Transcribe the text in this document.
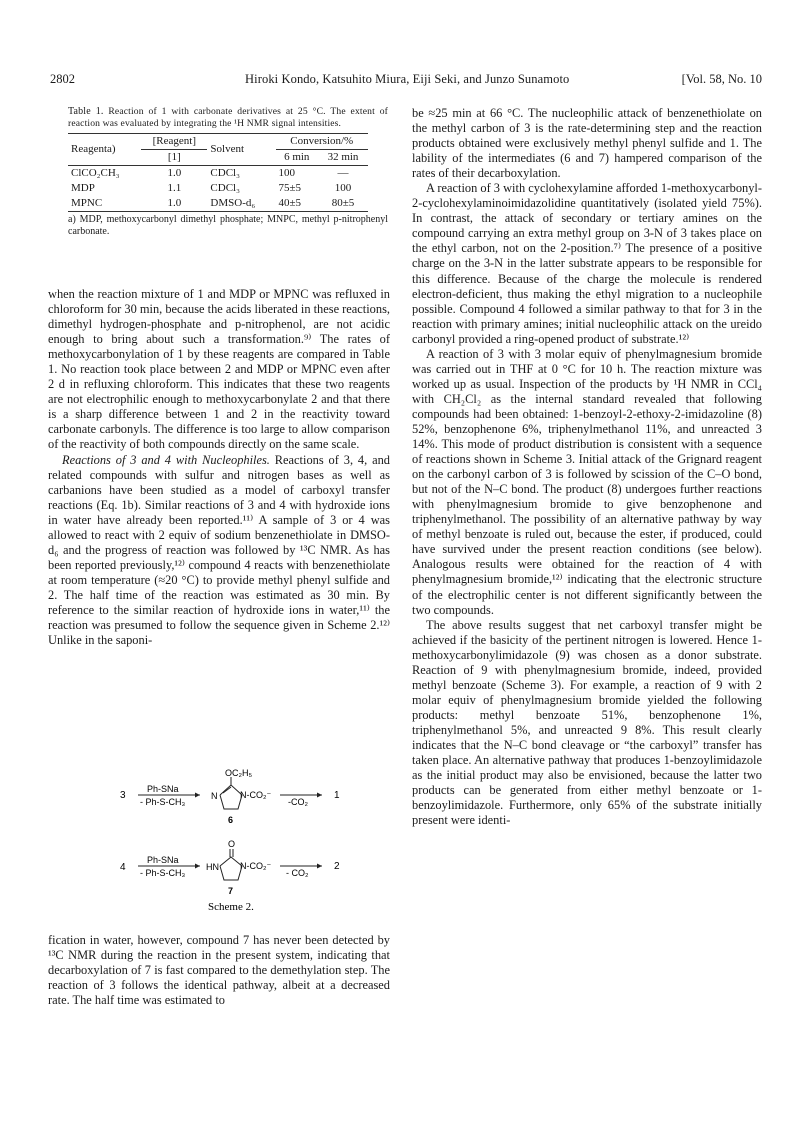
2802	Hiroki Kondo, Katsuhito Miura, Eiji Seki, and Junzo Sunamoto	[Vol. 58, No. 10
Table 1. Reaction of 1 with carbonate derivatives at 25 °C. The extent of reaction was evaluated by integrating the ¹H NMR signal intensities.
Reagenta)	[Reagent]	Solvent	Conversion/%	
	[1]		6 min	32 min
ClCO₂CH₃	1.0	CDCl₃	100	—
MDP	1.1	CDCl₃	75±5	100
MPNC	1.0	DMSO-d₆	40±5	80±5
a) MDP, methoxycarbonyl dimethyl phosphate; MNPC, methyl p-nitrophenyl carbonate.

when the reaction mixture of 1 and MDP or MPNC was refluxed in chloroform for 30 min, because the acids liberated in these reactions, dimethyl hydrogen-phosphate and p-nitrophenol, are not acidic enough to bring about such a transformation.⁹⁾ The rates of methoxycarbonylation of 1 by these reagents are compared in Table 1. No reaction took place between 2 and MDP or MPNC even after 2 d in refluxing chloroform. This indicates that these two reagents are not electrophilic enough to methoxycarbonylate 2 and that there is a sharp difference between 1 and 2 in the reactivity toward carbonate carbonyls. The difference is too large to allow comparison of the reactivity of both compounds directly on the same scale.

Reactions of 3 and 4 with Nucleophiles. Reactions of 3, 4, and related compounds with sulfur and nitrogen bases as well as carbanions have been studied as a model of carboxyl transfer reactions (Eq. 1b). Similar reactions of 3 and 4 with hydroxide ions in water have already been reported.¹¹⁾ A sample of 3 or 4 was allowed to react with 2 equiv of sodium benzenethiolate in DMSO-d₆ and the progress of reaction was followed by ¹³C NMR. As has been reported previously,¹²⁾ compound 4 reacts with benzenethiolate at room temperature (≈20 °C) to provide methyl phenyl sulfide and 2. The half time of the reaction was estimated as 30 min. By reference to the similar reaction of hydroxide ions in water,¹¹⁾ the reaction was presumed to follow the sequence given in Scheme 2.¹²⁾ Unlike in the saponi-

3
Ph-SNa
- Ph-S-CH₃
OC₂H₅
N	N-CO₂⁻
6
-CO₂
1
4
Ph-SNa
- Ph-S-CH₃
O
HN N-CO₂⁻
7
- CO₂
2
Scheme 2.

fication in water, however, compound 7 has never been detected by ¹³C NMR during the reaction in the present system, indicating that decarboxylation of 7 is fast compared to the demethylation step. The reaction of 3 follows the identical pathway, albeit at a decreased rate. The half time was estimated to

be ≈25 min at 66 °C. The nucleophilic attack of benzenethiolate on the methyl carbon of 3 is the rate-determining step and the reaction products obtained were exclusively methyl phenyl sulfide and 1. The lability of the intermediates (6 and 7) hampered comparison of the rates of their decarboxylation.

A reaction of 3 with cyclohexylamine afforded 1-methoxycarbonyl-2-cyclohexylaminoimidazolidine quantitatively (isolated yield 75%). In contrast, the attack of secondary or tertiary amines on the compound carrying an extra methyl group on 3-N of 3 takes place on the ethyl carbon, not on the 2-position.⁷⁾ The presence of a positive charge on the 3-N in the latter substrate appears to be responsible for this difference. Because of the charge the molecule is rendered electron-deficient, thus making the ethyl migration to a nucleophile possible. Compound 4 followed a similar pathway to that for 3 in the reaction with primary amines; initial nucleophilic attack on the ureido carbonyl provided a ring-opened product of substrate.¹²⁾

A reaction of 3 with 3 molar equiv of phenylmagnesium bromide was carried out in THF at 0 °C for 10 h. The reaction mixture was worked up as usual. Inspection of the products by ¹H NMR in CCl₄ with CH₂Cl₂ as the internal standard revealed that following compounds had been obtained: 1-benzoyl-2-ethoxy-2-imidazoline (8) 52%, benzophenone 6%, triphenylmethanol 11%, and unreacted 3 14%. This mode of product distribution is consistent with a sequence of reactions shown in Scheme 3. Initial attack of the Grignard reagent on the carbonyl carbon of 3 is followed by scission of the C–O bond, but not of the N–C bond. The product (8) undergoes further reactions with phenylmagnesium bromide to give benzophenone and triphenylmethanol. The possibility of an alternative pathway by way of methyl benzoate is ruled out, because the ester, if produced, could have survived under the present reaction conditions (see below). Analogous results were obtained for the reaction of 4 with phenylmagnesium bromide,¹²⁾ indicating that the electronic structure of the electrophilic center is not different significantly between the two compounds.

The above results suggest that net carboxyl transfer might be achieved if the basicity of the pertinent nitrogen is lowered. Hence 1-methoxycarbonylimidazole (9) was chosen as a donor substrate. Reaction of 9 with phenylmagnesium bromide, indeed, provided methyl benzoate (Scheme 3). For example, a reaction of 9 with 2 molar equiv of phenylmagnesium bromide yielded the following products: methyl benzoate 51%, benzophenone 1%, triphenylmethanol 5%, and unreacted 9 8%. This result clearly indicates that the N–C bond cleavage or “the carboxyl” transfer has taken place. An alternative pathway that produces 1-benzoylimidazole as the initial product may also be envisioned, because the latter two products can be generated from either methyl benzoate or 1-benzoylimidazole. Furthermore, only 65% of the substrate initially present were identi-
